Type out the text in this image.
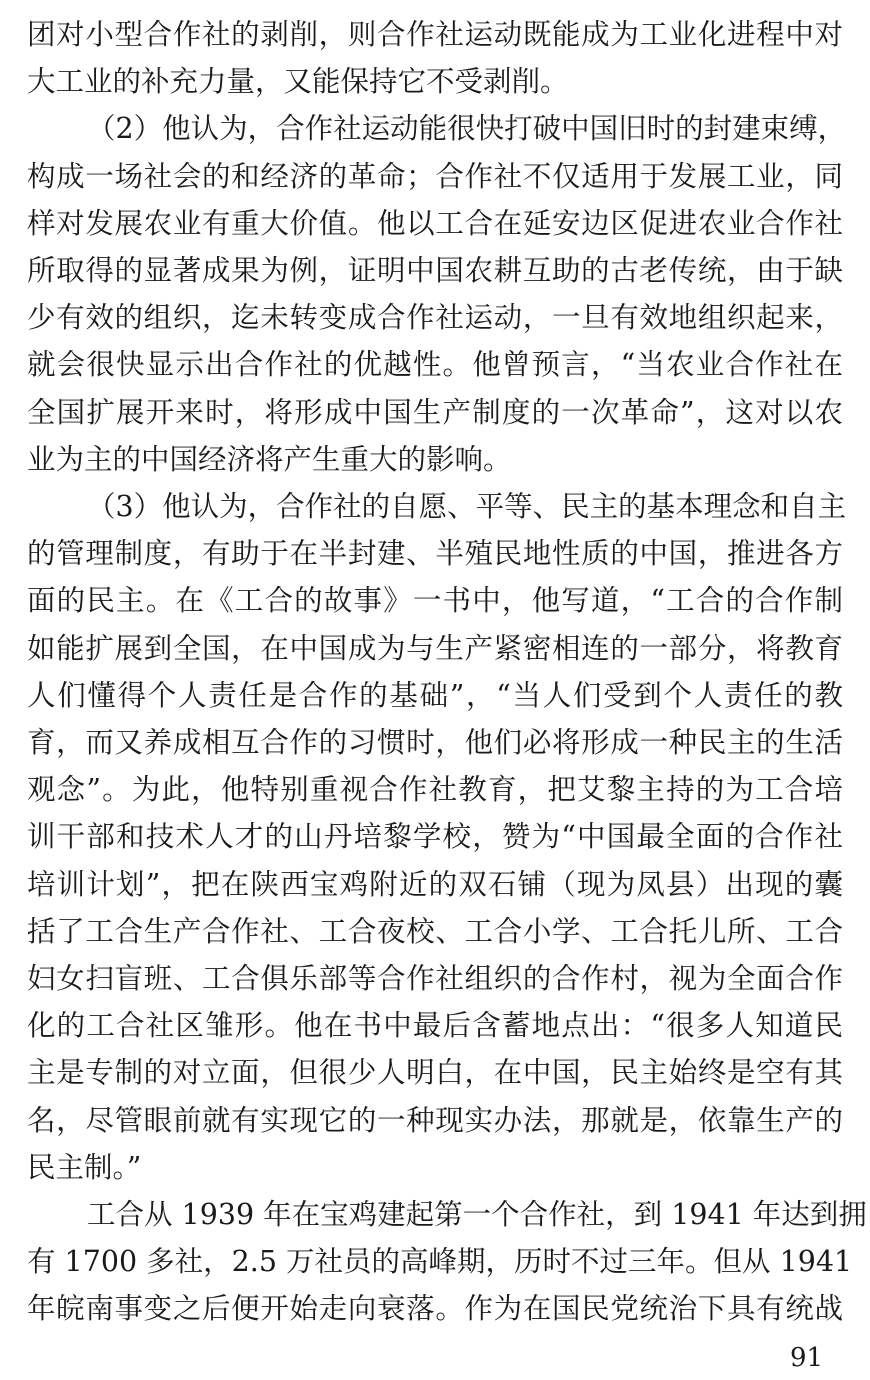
团对小型合作社的剥削，则合作社运动既能成为工业化进程中对
大工业的补充力量，又能保持它不受剥削。
（2）他认为，合作社运动能很快打破中国旧时的封建束缚，
构成一场社会的和经济的革命；合作社不仅适用于发展工业，同
样对发展农业有重大价值。他以工合在延安边区促进农业合作社
所取得的显著成果为例，证明中国农耕互助的古老传统，由于缺
少有效的组织，迄未转变成合作社运动，一旦有效地组织起来，
就会很快显示出合作社的优越性。他曾预言，“当农业合作社在
全国扩展开来时，将形成中国生产制度的一次革命”，这对以农
业为主的中国经济将产生重大的影响。
（3）他认为，合作社的自愿、平等、民主的基本理念和自主
的管理制度，有助于在半封建、半殖民地性质的中国，推进各方
面的民主。在《工合的故事》一书中，他写道，“工合的合作制
如能扩展到全国，在中国成为与生产紧密相连的一部分，将教育
人们懂得个人责任是合作的基础”，“当人们受到个人责任的教
育，而又养成相互合作的习惯时，他们必将形成一种民主的生活
观念”。为此，他特别重视合作社教育，把艾黎主持的为工合培
训干部和技术人才的山丹培黎学校，赞为“中国最全面的合作社
培训计划”，把在陕西宝鸡附近的双石铺（现为凤县）出现的囊
括了工合生产合作社、工合夜校、工合小学、工合托儿所、工合
妇女扫盲班、工合俱乐部等合作社组织的合作村，视为全面合作
化的工合社区雏形。他在书中最后含蓄地点出：“很多人知道民
主是专制的对立面，但很少人明白，在中国，民主始终是空有其
名，尽管眼前就有实现它的一种现实办法，那就是，依靠生产的
民主制。”
工合从 1939 年在宝鸡建起第一个合作社，到 1941 年达到拥
有 1700 多社，2.5 万社员的高峰期，历时不过三年。但从 1941
年皖南事变之后便开始走向衰落。作为在国民党统治下具有统战
91
